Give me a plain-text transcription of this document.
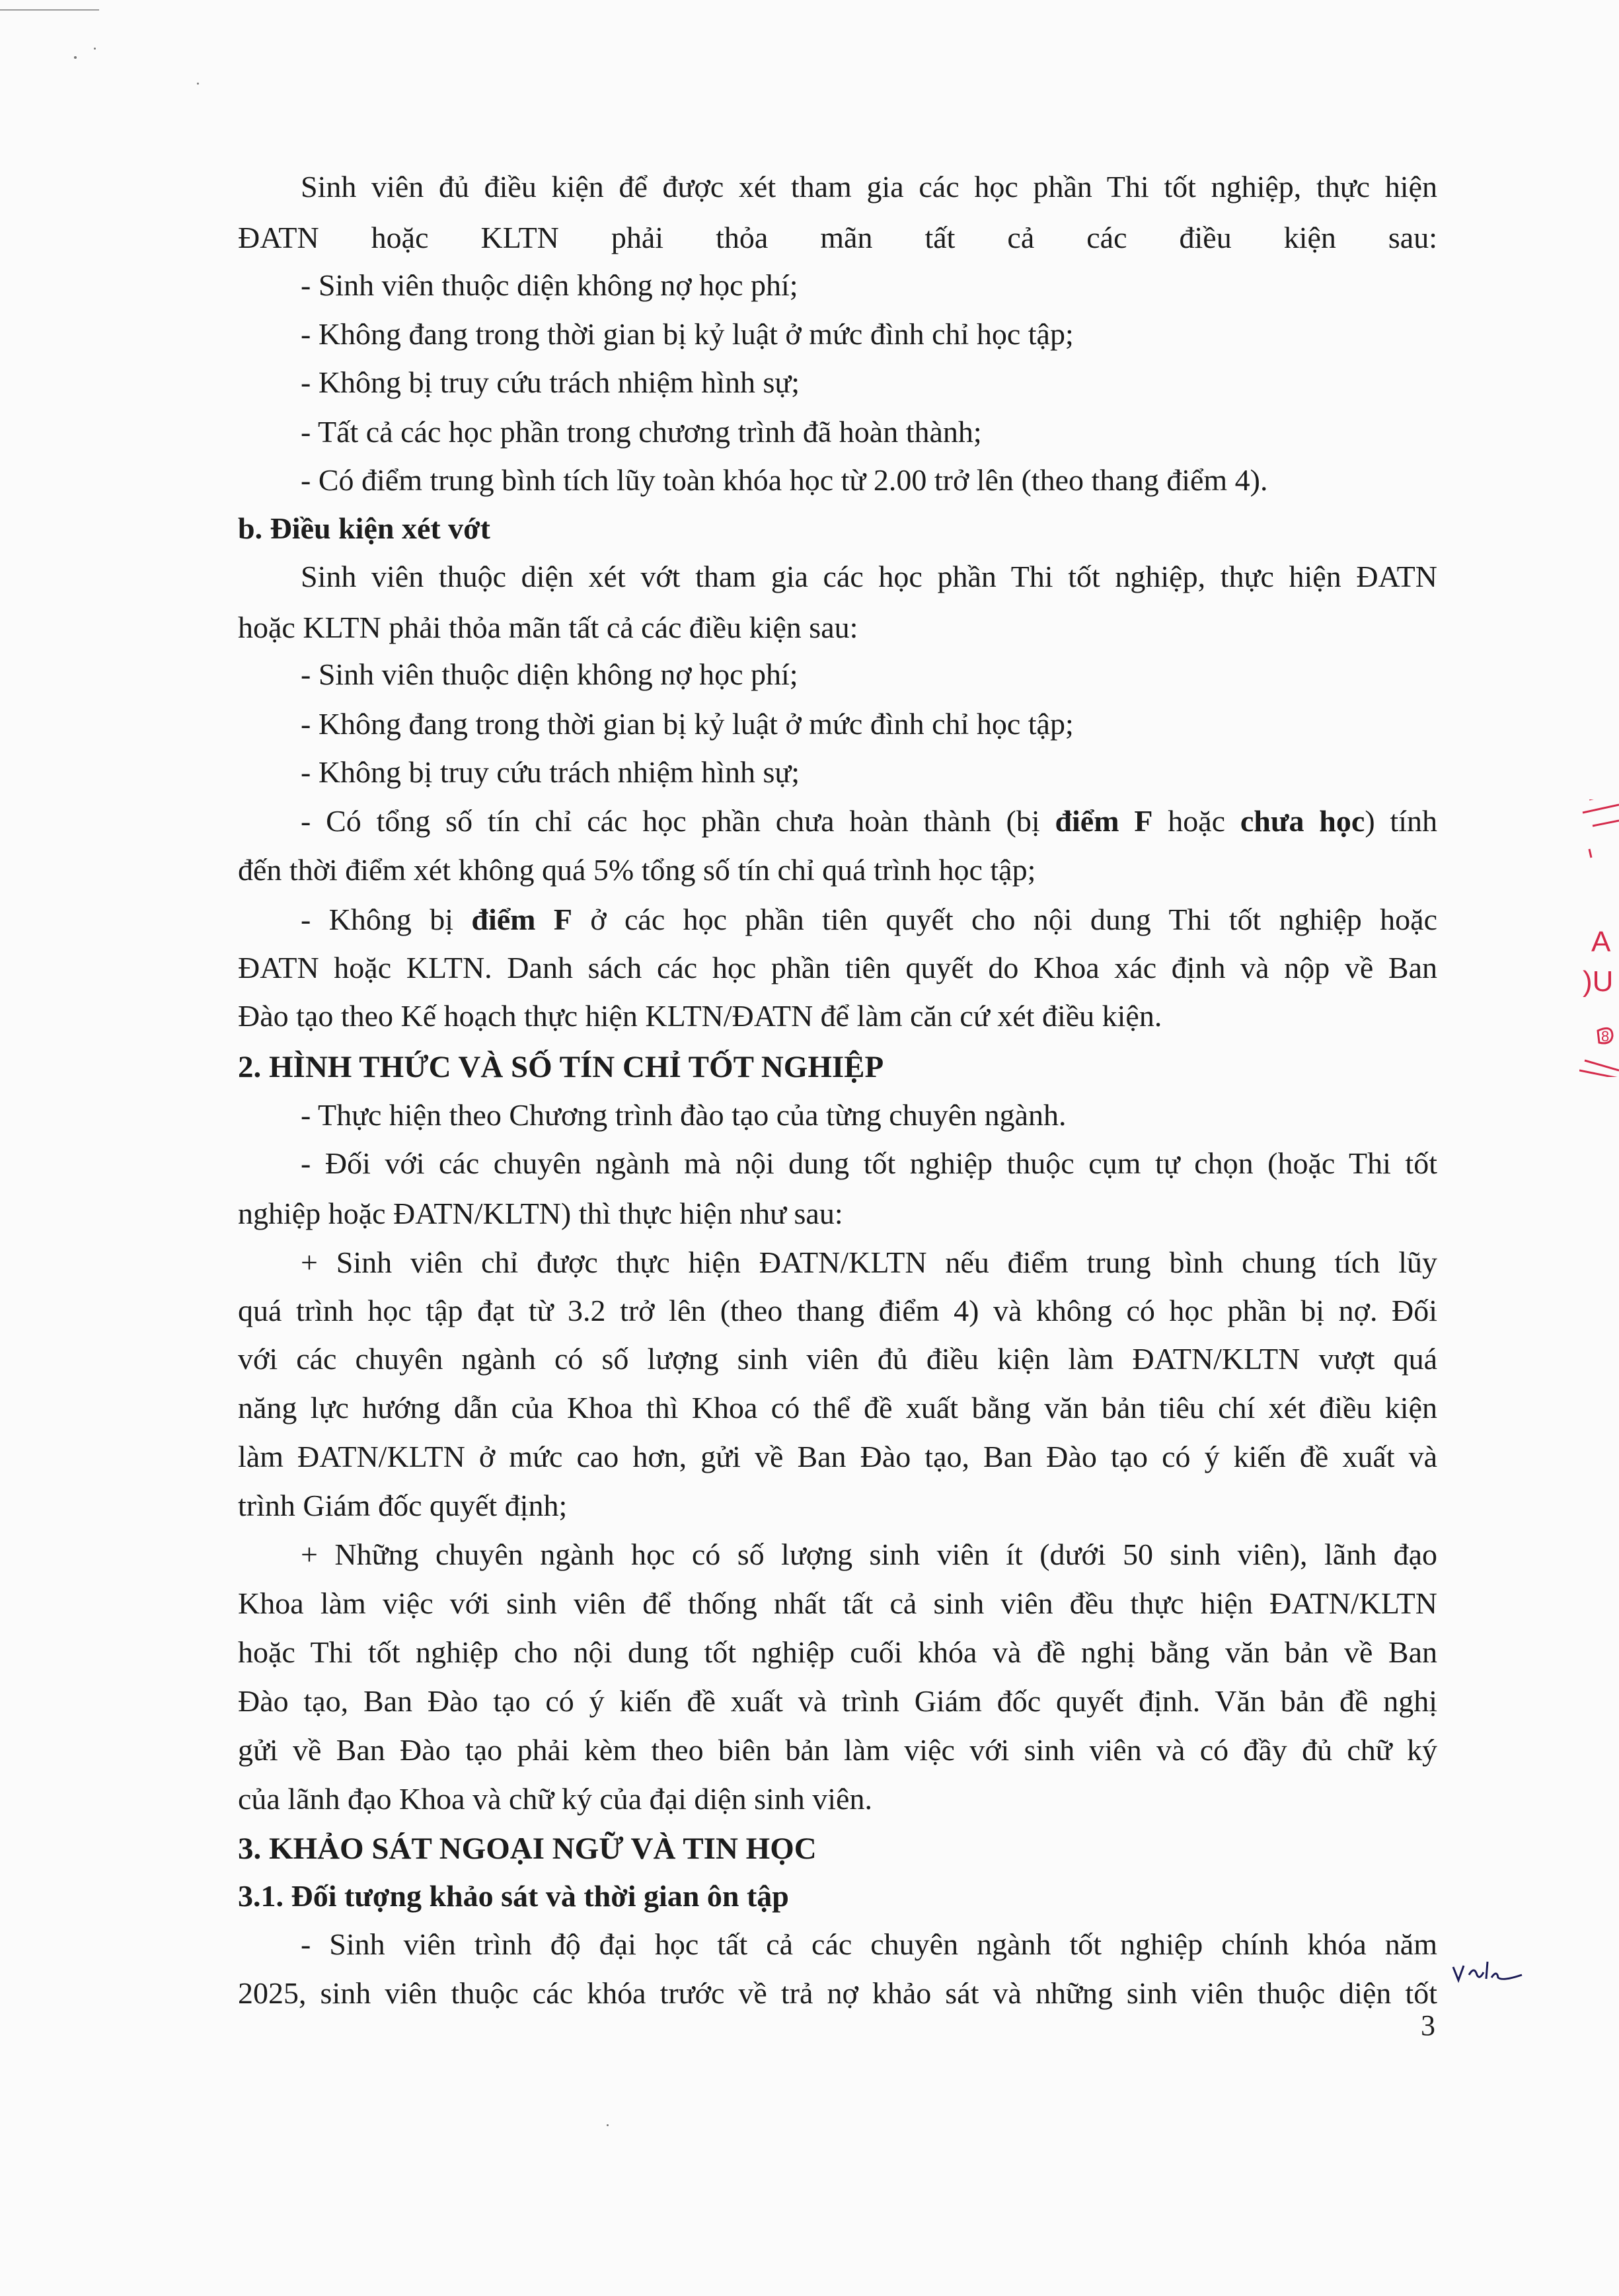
Sinh viên đủ điều kiện để được xét tham gia các học phần Thi tốt nghiệp, thực hiện
ĐATN hoặc KLTN phải thỏa mãn tất cả các điều kiện sau:
- Sinh viên thuộc diện không nợ học phí;
- Không đang trong thời gian bị kỷ luật ở mức đình chỉ học tập;
- Không bị truy cứu trách nhiệm hình sự;
- Tất cả các học phần trong chương trình đã hoàn thành;
- Có điểm trung bình tích lũy toàn khóa học từ 2.00 trở lên (theo thang điểm 4).
b. Điều kiện xét vớt
Sinh viên thuộc diện xét vớt tham gia các học phần Thi tốt nghiệp, thực hiện ĐATN
hoặc KLTN phải thỏa mãn tất cả các điều kiện sau:
- Sinh viên thuộc diện không nợ học phí;
- Không đang trong thời gian bị kỷ luật ở mức đình chỉ học tập;
- Không bị truy cứu trách nhiệm hình sự;
- Có tổng số tín chỉ các học phần chưa hoàn thành (bị điểm F hoặc chưa học) tính
đến thời điểm xét không quá 5% tổng số tín chỉ quá trình học tập;
- Không bị điểm F ở các học phần tiên quyết cho nội dung Thi tốt nghiệp hoặc
ĐATN hoặc KLTN. Danh sách các học phần tiên quyết do Khoa xác định và nộp về Ban
Đào tạo theo Kế hoạch thực hiện KLTN/ĐATN để làm căn cứ xét điều kiện.
2. HÌNH THỨC VÀ SỐ TÍN CHỈ TỐT NGHIỆP
- Thực hiện theo Chương trình đào tạo của từng chuyên ngành.
- Đối với các chuyên ngành mà nội dung tốt nghiệp thuộc cụm tự chọn (hoặc Thi tốt
nghiệp hoặc ĐATN/KLTN) thì thực hiện như sau:
+ Sinh viên chỉ được thực hiện ĐATN/KLTN nếu điểm trung bình chung tích lũy
quá trình học tập đạt từ 3.2 trở lên (theo thang điểm 4) và không có học phần bị nợ. Đối
với các chuyên ngành có số lượng sinh viên đủ điều kiện làm ĐATN/KLTN vượt quá
năng lực hướng dẫn của Khoa thì Khoa có thể đề xuất bằng văn bản tiêu chí xét điều kiện
làm ĐATN/KLTN ở mức cao hơn, gửi về Ban Đào tạo, Ban Đào tạo có ý kiến đề xuất và
trình Giám đốc quyết định;
+ Những chuyên ngành học có số lượng sinh viên ít (dưới 50 sinh viên), lãnh đạo
Khoa làm việc với sinh viên để thống nhất tất cả sinh viên đều thực hiện ĐATN/KLTN
hoặc Thi tốt nghiệp cho nội dung tốt nghiệp cuối khóa và đề nghị bằng văn bản về Ban
Đào tạo, Ban Đào tạo có ý kiến đề xuất và trình Giám đốc quyết định. Văn bản đề nghị
gửi về Ban Đào tạo phải kèm theo biên bản làm việc với sinh viên và có đầy đủ chữ ký
của lãnh đạo Khoa và chữ ký của đại diện sinh viên.
3. KHẢO SÁT NGOẠI NGỮ VÀ TIN HỌC
3.1. Đối tượng khảo sát và thời gian ôn tập
- Sinh viên trình độ đại học tất cả các chuyên ngành tốt nghiệp chính khóa năm
2025, sinh viên thuộc các khóa trước về trả nợ khảo sát và những sinh viên thuộc diện tốt
3
A
)U
8
